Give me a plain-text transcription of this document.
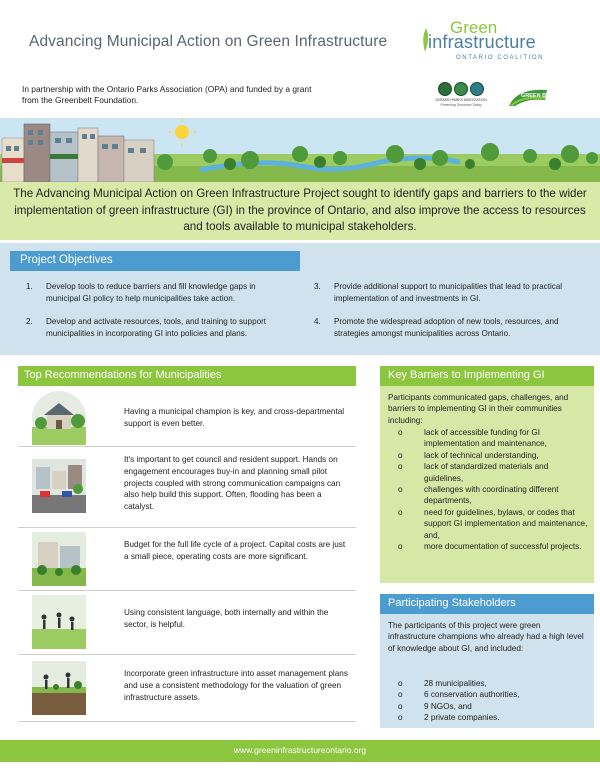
Advancing Municipal Action on Green Infrastructure
Green
infrastructure
ONTARIO COALITION
In partnership with the Ontario Parks Association (OPA) and funded by a grant from the Greenbelt Foundation.	ONTARIO PARKS ASSOCIATION
Protecting Tomorrow Today
GREEN BELT
The Advancing Municipal Action on Green Infrastructure Project sought to identify gaps and barriers to the wider implementation of green infrastructure (GI) in the province of Ontario, and also improve the access to resources and tools available to municipal stakeholders.
Project Objectives
1.	Develop tools to reduce barriers and fill knowledge gaps in municipal GI policy to help municipalities take action.
2.	Develop and activate resources, tools, and training to support municipalities in incorporating GI into policies and plans.
3.	Provide additional support to municipalities that lead to practical implementation of and investments in GI.
4.	Promote the widespread adoption of new tools, resources, and strategies amongst municipalities across Ontario.
Top Recommendations for Municipalities
Having a municipal champion is key, and cross-departmental support is even better.
It's important to get council and resident support. Hands on engagement encourages buy-in and planning small pilot projects coupled with strong communication campaigns can also help build this support. Often, flooding has been a catalyst.
Budget for the full life cycle of a project. Capital costs are just a small piece, operating costs are more significant.
Using consistent language, both internally and within the sector, is helpful.
Incorporate green infrastructure into asset management plans and use a consistent methodology for the valuation of green infrastructure assets.
Key Barriers to Implementing GI
Participants communicated gaps, challenges, and barriers to implementing GI in their communities including:
o	lack of accessible funding for GI implementation and maintenance,
o	lack of technical understanding,
o	lack of standardized materials and guidelines,
o	challenges with coordinating different departments,
o	need for guidelines, bylaws, or codes that support GI implementation and maintenance, and,
o	more documentation of successful projects.
Participating Stakeholders
The participants of this project were green infrastructure champions who already had a high level of knowledge about GI, and included:
o	28 municipalities,
o	6 conservation authorities,
o	9 NGOs, and
o	2 private companies.
www.greeninfrastructureontario.org
